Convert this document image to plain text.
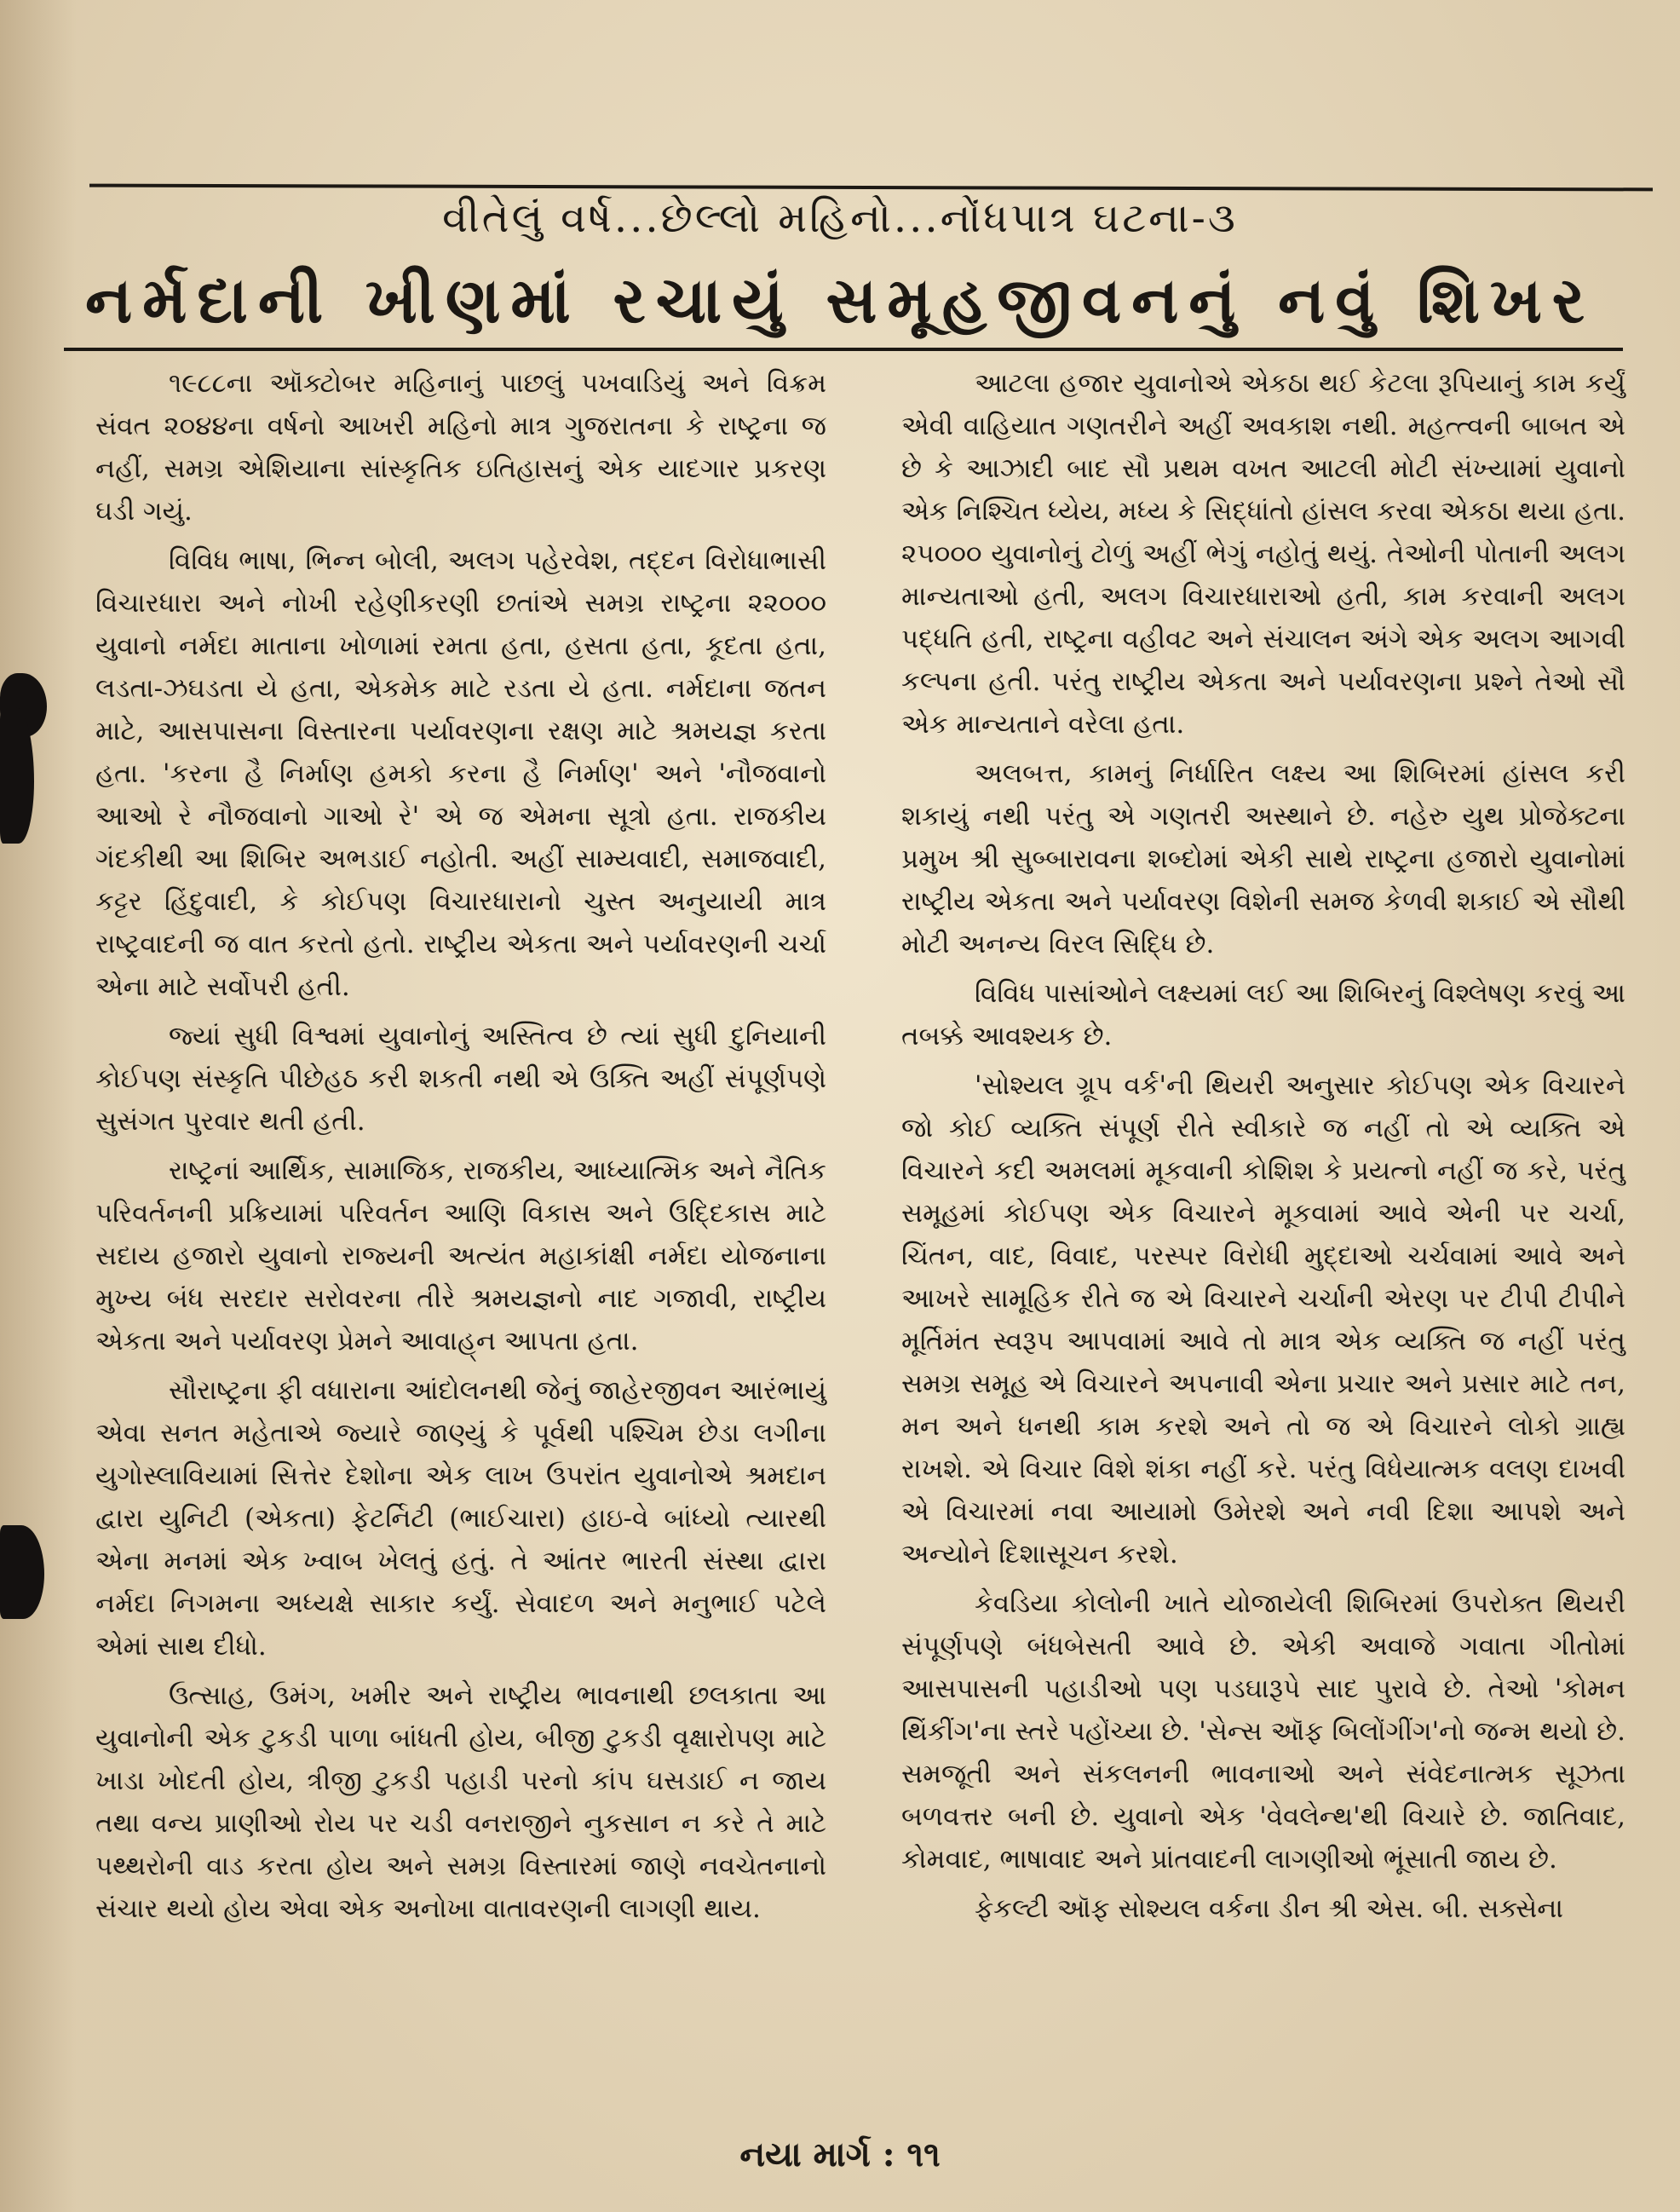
વીતેલું વર્ષ...છેલ્લો મહિનો...નોંધપાત્ર ઘટના-૩
નર્મદાની ખીણમાં રચાયું સમૂહજીવનનું નવું શિખર

૧૯૮૮ના ઑક્ટોબર મહિનાનું પાછલું પખવાડિયું અને વિક્રમ સંવત ૨૦૪૪ના વર્ષનો આખરી મહિનો માત્ર ગુજરાતના કે રાષ્ટ્રના જ નહીં, સમગ્ર એશિયાના સાંસ્કૃતિક ઇતિહાસનું એક યાદગાર પ્રકરણ ઘડી ગયું.

વિવિધ ભાષા, ભિન્ન બોલી, અલગ પહેરવેશ, તદ્દન વિરોધાભાસી વિચારધારા અને નોખી રહેણીકરણી છતાંએ સમગ્ર રાષ્ટ્રના ૨૨૦૦૦ યુવાનો નર્મદા માતાના ખોળામાં રમતા હતા, હસતા હતા, કૂદતા હતા, લડતા-ઝઘડતા યે હતા, એકમેક માટે રડતા યે હતા. નર્મદાના જતન માટે, આસપાસના વિસ્તારના પર્યાવરણના રક્ષણ માટે શ્રમયજ્ઞ કરતા હતા. 'કરના હૈ નિર્માણ હમકો કરના હૈ નિર્માણ' અને 'નૌજવાનો આઓ રે નૌજવાનો ગાઓ રે' એ જ એમના સૂત્રો હતા. રાજકીય ગંદકીથી આ શિબિર અભડાઈ નહોતી. અહીં સામ્યવાદી, સમાજવાદી, કટ્ટર હિંદુવાદી, કે કોઈપણ વિચારધારાનો ચુસ્ત અનુયાયી માત્ર રાષ્ટ્રવાદની જ વાત કરતો હતો. રાષ્ટ્રીય એકતા અને પર્યાવરણની ચર્ચા એના માટે સર્વોપરી હતી.

જ્યાં સુધી વિશ્વમાં યુવાનોનું અસ્તિત્વ છે ત્યાં સુધી દુનિયાની કોઈપણ સંસ્કૃતિ પીછેહઠ કરી શકતી નથી એ ઉક્તિ અહીં સંપૂર્ણપણે સુસંગત પુરવાર થતી હતી.

રાષ્ટ્રનાં આર્થિક, સામાજિક, રાજકીય, આધ્યાત્મિક અને નૈતિક પરિવર્તનની પ્રક્રિયામાં પરિવર્તન આણિ વિકાસ અને ઉદ્દિકાસ માટે સદાય હજારો યુવાનો રાજ્યની અત્યંત મહાકાંક્ષી નર્મદા યોજનાના મુખ્ય બંધ સરદાર સરોવરના તીરે શ્રમયજ્ઞનો નાદ ગજાવી, રાષ્ટ્રીય એકતા અને પર્યાવરણ પ્રેમને આવાહ્‌ન આપતા હતા.

સૌરાષ્ટ્રના ફી વધારાના આંદોલનથી જેનું જાહેરજીવન આરંભાયું એવા સનત મહેતાએ જ્યારે જાણ્યું કે પૂર્વથી પશ્ચિમ છેડા લગીના યુગોસ્લાવિયામાં સિત્તેર દેશોના એક લાખ ઉપરાંત યુવાનોએ શ્રમદાન દ્વારા યુનિટી (એકતા) ફેટર્નિટી (ભાઈચારા) હાઇ-વે બાંધ્યો ત્યારથી એના મનમાં એક ખ્વાબ ખેલતું હતું. તે આંતર ભારતી સંસ્થા દ્વારા નર્મદા નિગમના અધ્યક્ષે સાકાર કર્યું. સેવાદળ અને મનુભાઈ પટેલે એમાં સાથ દીધો.

ઉત્સાહ, ઉમંગ, ખમીર અને રાષ્ટ્રીય ભાવનાથી છલકાતા આ યુવાનોની એક ટુકડી પાળા બાંધતી હોય, બીજી ટુકડી વૃક્ષારોપણ માટે ખાડા ખોદતી હોય, ત્રીજી ટુકડી પહાડી પરનો કાંપ ઘસડાઈ ન જાય તથા વન્ય પ્રાણીઓ રોય પર ચડી વનરાજીને નુકસાન ન કરે તે માટે પથ્થરોની વાડ કરતા હોય અને સમગ્ર વિસ્તારમાં જાણે નવચેતનાનો સંચાર થયો હોય એવા એક અનોખા વાતાવરણની લાગણી થાય.

આટલા હજાર યુવાનોએ એકઠા થઈ કેટલા રૂપિયાનું કામ કર્યું એવી વાહિયાત ગણતરીને અહીં અવકાશ નથી. મહત્ત્વની બાબત એ છે કે આઝાદી બાદ સૌ પ્રથમ વખત આટલી મોટી સંખ્યામાં યુવાનો એક નિશ્ચિત ધ્યેય, મધ્ય કે સિદ્ધાંતો હાંસલ કરવા એકઠા થયા હતા. ૨૫૦૦૦ યુવાનોનું ટોળું અહીં ભેગું નહોતું થયું. તેઓની પોતાની અલગ માન્યતાઓ હતી, અલગ વિચારધારાઓ હતી, કામ કરવાની અલગ પદ્ધતિ હતી, રાષ્ટ્રના વહીવટ અને સંચાલન અંગે એક અલગ આગવી કલ્પના હતી. પરંતુ રાષ્ટ્રીય એકતા અને પર્યાવરણના પ્રશ્ને તેઓ સૌ એક માન્યતાને વરેલા હતા.

અલબત્ત, કામનું નિર્ધારિત લક્ષ્ય આ શિબિરમાં હાંસલ કરી શકાયું નથી પરંતુ એ ગણતરી અસ્થાને છે. નહેરુ યુથ પ્રોજેક્ટના પ્રમુખ શ્રી સુબ્બારાવના શબ્દોમાં એકી સાથે રાષ્ટ્રના હજારો યુવાનોમાં રાષ્ટ્રીય એકતા અને પર્યાવરણ વિશેની સમજ કેળવી શકાઈ એ સૌથી મોટી અનન્ય વિરલ સિદ્ધિ છે.

વિવિધ પાસાંઓને લક્ષ્યમાં લઈ આ શિબિરનું વિશ્લેષણ કરવું આ તબક્કે આવશ્યક છે.

'સોશ્યલ ગ્રૂપ વર્ક'ની થિયરી અનુસાર કોઈપણ એક વિચારને જો કોઈ વ્યક્તિ સંપૂર્ણ રીતે સ્વીકારે જ નહીં તો એ વ્યક્તિ એ વિચારને કદી અમલમાં મૂકવાની કોશિશ કે પ્રયત્નો નહીં જ કરે, પરંતુ સમૂહમાં કોઈપણ એક વિચારને મૂકવામાં આવે એની પર ચર્ચા, ચિંતન, વાદ, વિવાદ, પરસ્પર વિરોધી મુદ્દાઓ ચર્ચવામાં આવે અને આખરે સામૂહિક રીતે જ એ વિચારને ચર્ચાની એરણ પર ટીપી ટીપીને મૂર્તિમંત સ્વરૂપ આપવામાં આવે તો માત્ર એક વ્યક્તિ જ નહીં પરંતુ સમગ્ર સમૂહ એ વિચારને અપનાવી એના પ્રચાર અને પ્રસાર માટે તન, મન અને ધનથી કામ કરશે અને તો જ એ વિચારને લોકો ગ્રાહ્ય રાખશે. એ વિચાર વિશે શંકા નહીં કરે. પરંતુ વિધેયાત્મક વલણ દાખવી એ વિચારમાં નવા આયામો ઉમેરશે અને નવી દિશા આપશે અને અન્યોને દિશાસૂચન કરશે.

કેવડિયા કોલોની ખાતે યોજાયેલી શિબિરમાં ઉપરોક્ત થિયરી સંપૂર્ણપણે બંધબેસતી આવે છે. એકી અવાજે ગવાતા ગીતોમાં આસપાસની પહાડીઓ પણ પડઘારૂપે સાદ પુરાવે છે. તેઓ 'કોમન થિંકીંગ'ના સ્તરે પહોંચ્યા છે. 'સેન્સ ઑફ બિલોંગીંગ'નો જન્મ થયો છે. સમજૂતી અને સંકલનની ભાવનાઓ અને સંવેદનાત્મક સૂઝતા બળવત્તર બની છે. યુવાનો એક 'વેવલેન્થ'થી વિચારે છે. જાતિવાદ, કોમવાદ, ભાષાવાદ અને પ્રાંતવાદની લાગણીઓ ભૂંસાતી જાય છે.

ફેકલ્ટી ઑફ સોશ્યલ વર્કના ડીન શ્રી એસ. બી. સક્સેના

નયા માર્ગ : ૧૧
